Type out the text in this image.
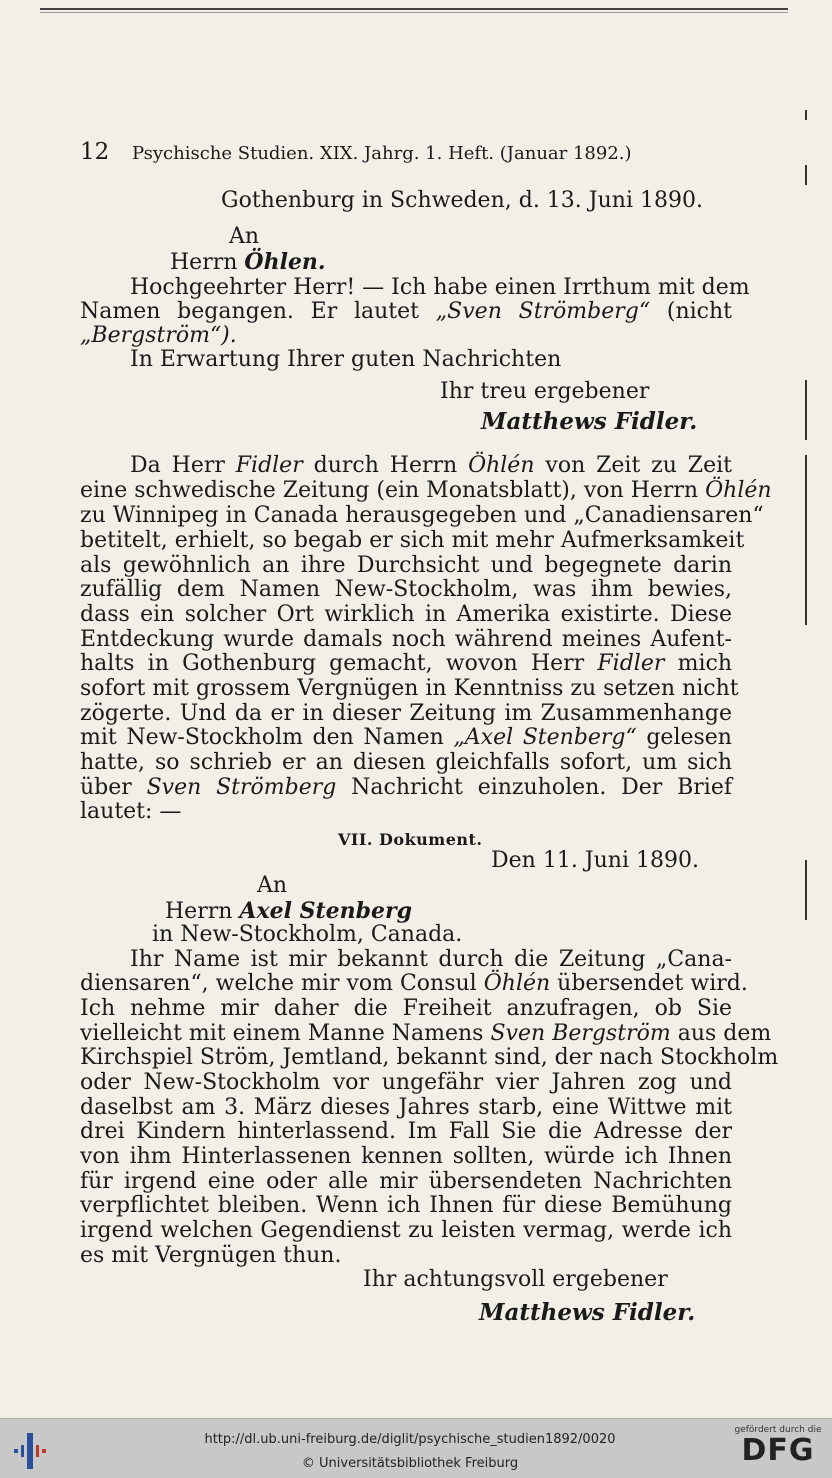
12 Psychische Studien. XIX. Jahrg. 1. Heft. (Januar 1892.)
Gothenburg in Schweden, d. 13. Juni 1890.
An
Herrn Öhlen.
Hochgeehrter Herr! — Ich habe einen Irrthum mit dem
Namen begangen. Er lautet „Sven Strömberg“ (nicht
„Bergström“).
In Erwartung Ihrer guten Nachrichten
Ihr treu ergebener
Matthews Fidler.
Da Herr Fidler durch Herrn Öhlén von Zeit zu Zeit
eine schwedische Zeitung (ein Monatsblatt), von Herrn Öhlén
zu Winnipeg in Canada herausgegeben und „Canadiensaren“
betitelt, erhielt, so begab er sich mit mehr Aufmerksamkeit
als gewöhnlich an ihre Durchsicht und begegnete darin
zufällig dem Namen New-Stockholm, was ihm bewies,
dass ein solcher Ort wirklich in Amerika existirte. Diese
Entdeckung wurde damals noch während meines Aufent-
halts in Gothenburg gemacht, wovon Herr Fidler mich
sofort mit grossem Vergnügen in Kenntniss zu setzen nicht
zögerte. Und da er in dieser Zeitung im Zusammenhange
mit New-Stockholm den Namen „Axel Stenberg“ gelesen
hatte, so schrieb er an diesen gleichfalls sofort, um sich
über Sven Strömberg Nachricht einzuholen. Der Brief
lautet: —
VII. Dokument.
Den 11. Juni 1890.
An
Herrn Axel Stenberg
in New-Stockholm, Canada.
Ihr Name ist mir bekannt durch die Zeitung „Cana-
diensaren“, welche mir vom Consul Öhlén übersendet wird.
Ich nehme mir daher die Freiheit anzufragen, ob Sie
vielleicht mit einem Manne Namens Sven Bergström aus dem
Kirchspiel Ström, Jemtland, bekannt sind, der nach Stockholm
oder New-Stockholm vor ungefähr vier Jahren zog und
daselbst am 3. März dieses Jahres starb, eine Wittwe mit
drei Kindern hinterlassend. Im Fall Sie die Adresse der
von ihm Hinterlassenen kennen sollten, würde ich Ihnen
für irgend eine oder alle mir übersendeten Nachrichten
verpflichtet bleiben. Wenn ich Ihnen für diese Bemühung
irgend welchen Gegendienst zu leisten vermag, werde ich
es mit Vergnügen thun.
Ihr achtungsvoll ergebener
Matthews Fidler.
http://dl.ub.uni-freiburg.de/diglit/psychische_studien1892/0020
© Universitätsbibliothek Freiburg
gefördert durch die
DFG
